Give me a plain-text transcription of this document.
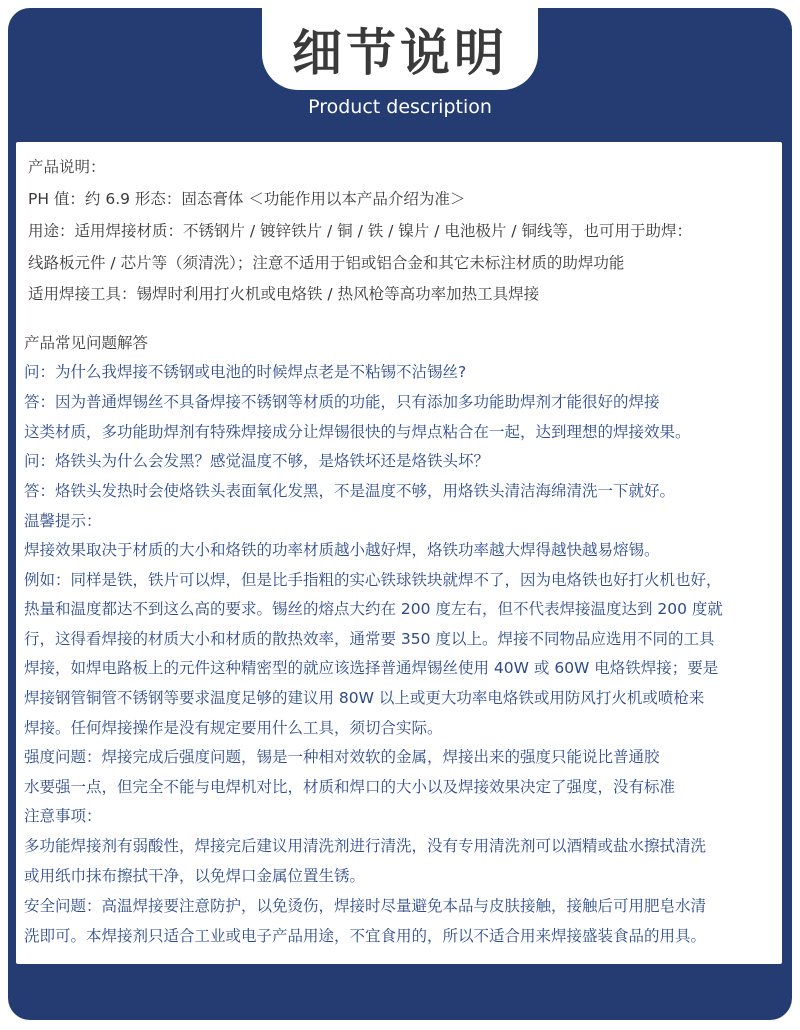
细节说明
Product description
产品说明：
PH 值：约 6.9 形态：固态膏体 ＜功能作用以本产品介绍为准＞
用途：适用焊接材质：不锈钢片 / 镀锌铁片 / 铜 / 铁 / 镍片 / 电池极片 / 铜线等，也可用于助焊：
线路板元件 / 芯片等（须清洗）；注意不适用于铝或铝合金和其它未标注材质的助焊功能
适用焊接工具：锡焊时利用打火机或电烙铁 / 热风枪等高功率加热工具焊接
产品常见问题解答
问：为什么我焊接不锈钢或电池的时候焊点老是不粘锡不沾锡丝?
答：因为普通焊锡丝不具备焊接不锈钢等材质的功能，只有添加多功能助焊剂才能很好的焊接
这类材质，多功能助焊剂有特殊焊接成分让焊锡很快的与焊点粘合在一起，达到理想的焊接效果。
问：烙铁头为什么会发黑？感觉温度不够，是烙铁坏还是烙铁头坏？
答：烙铁头发热时会使烙铁头表面氧化发黑，不是温度不够，用烙铁头清洁海绵清洗一下就好。
温馨提示：
焊接效果取决于材质的大小和烙铁的功率材质越小越好焊，烙铁功率越大焊得越快越易熔锡。
例如：同样是铁，铁片可以焊，但是比手指粗的实心铁球铁块就焊不了，因为电烙铁也好打火机也好，
热量和温度都达不到这么高的要求。锡丝的熔点大约在 200 度左右，但不代表焊接温度达到 200 度就
行，这得看焊接的材质大小和材质的散热效率，通常要 350 度以上。焊接不同物品应选用不同的工具
焊接，如焊电路板上的元件这种精密型的就应该选择普通焊锡丝使用 40W 或 60W 电烙铁焊接；要是
焊接钢管铜管不锈钢等要求温度足够的建议用 80W 以上或更大功率电烙铁或用防风打火机或喷枪来
焊接。任何焊接操作是没有规定要用什么工具，须切合实际。
强度问题：焊接完成后强度问题，锡是一种相对效软的金属，焊接出来的强度只能说比普通胶
水要强一点，但完全不能与电焊机对比，材质和焊口的大小以及焊接效果决定了强度，没有标准
注意事项：
多功能焊接剂有弱酸性，焊接完后建议用清洗剂进行清洗，没有专用清洗剂可以酒精或盐水擦拭清洗
或用纸巾抹布擦拭干净，以免焊口金属位置生锈。
安全问题：高温焊接要注意防护，以免烫伤，焊接时尽量避免本品与皮肤接触，接触后可用肥皂水清
洗即可。本焊接剂只适合工业或电子产品用途，不宜食用的，所以不适合用来焊接盛装食品的用具。
